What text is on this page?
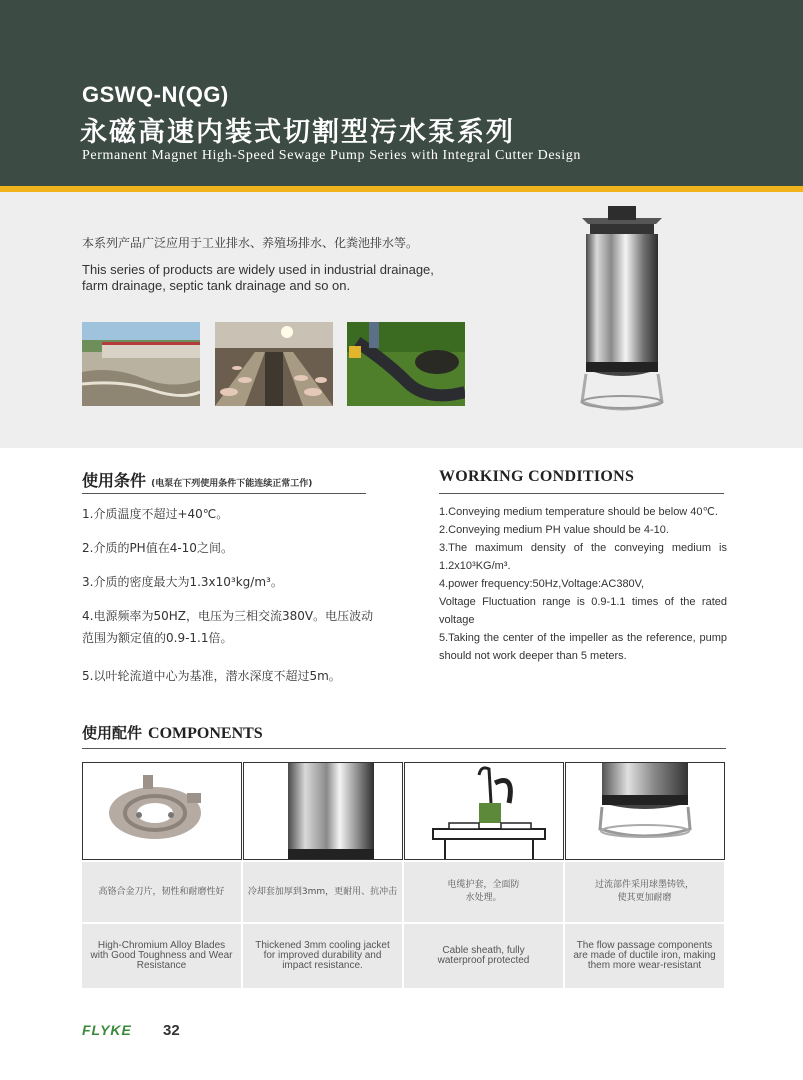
GSWQ-N(QG)
永磁高速内装式切割型污水泵系列
Permanent Magnet High-Speed Sewage Pump Series with Integral Cutter Design
本系列产品广泛应用于工业排水、养殖场排水、化粪池排水等。
This series of products are widely used in industrial drainage, farm drainage, septic tank drainage and so on.
使用条件 (电泵在下列使用条件下能连续正常工作)
1.介质温度不超过+40℃。
2.介质的PH值在4-10之间。
3.介质的密度最大为1.3x10³kg/m³。
4.电源频率为50HZ，电压为三相交流380V。电压波动范围为额定值的0.9-1.1倍。
5.以叶轮流道中心为基准，潜水深度不超过5m。
WORKING CONDITIONS

1.Conveying medium temperature should be below 40℃.

2.Conveying medium PH value should be 4-10.

3.The maximum density of the conveying medium is 1.2x10³KG/m³.

4.power frequency:50Hz,Voltage:AC380V,

Voltage Fluctuation range is 0.9-1.1 times of the rated voltage

5.Taking the center of the impeller as the reference, pump should not work deeper than 5 meters.

使用配件 COMPONENTS
高铬合金刀片，韧性和耐磨性好	冷却套加厚到3mm，更耐用、抗冲击
电缆护套，全面防水处理。
过流部件采用球墨铸铁，使其更加耐磨
High-Chromium Alloy Blades with Good Toughness and Wear Resistance
Thickened 3mm cooling jacket for improved durability and impact resistance.
Cable sheath, fully waterproof protected
The flow passage components are made of ductile iron, making them more wear-resistant
FLYKE 32
